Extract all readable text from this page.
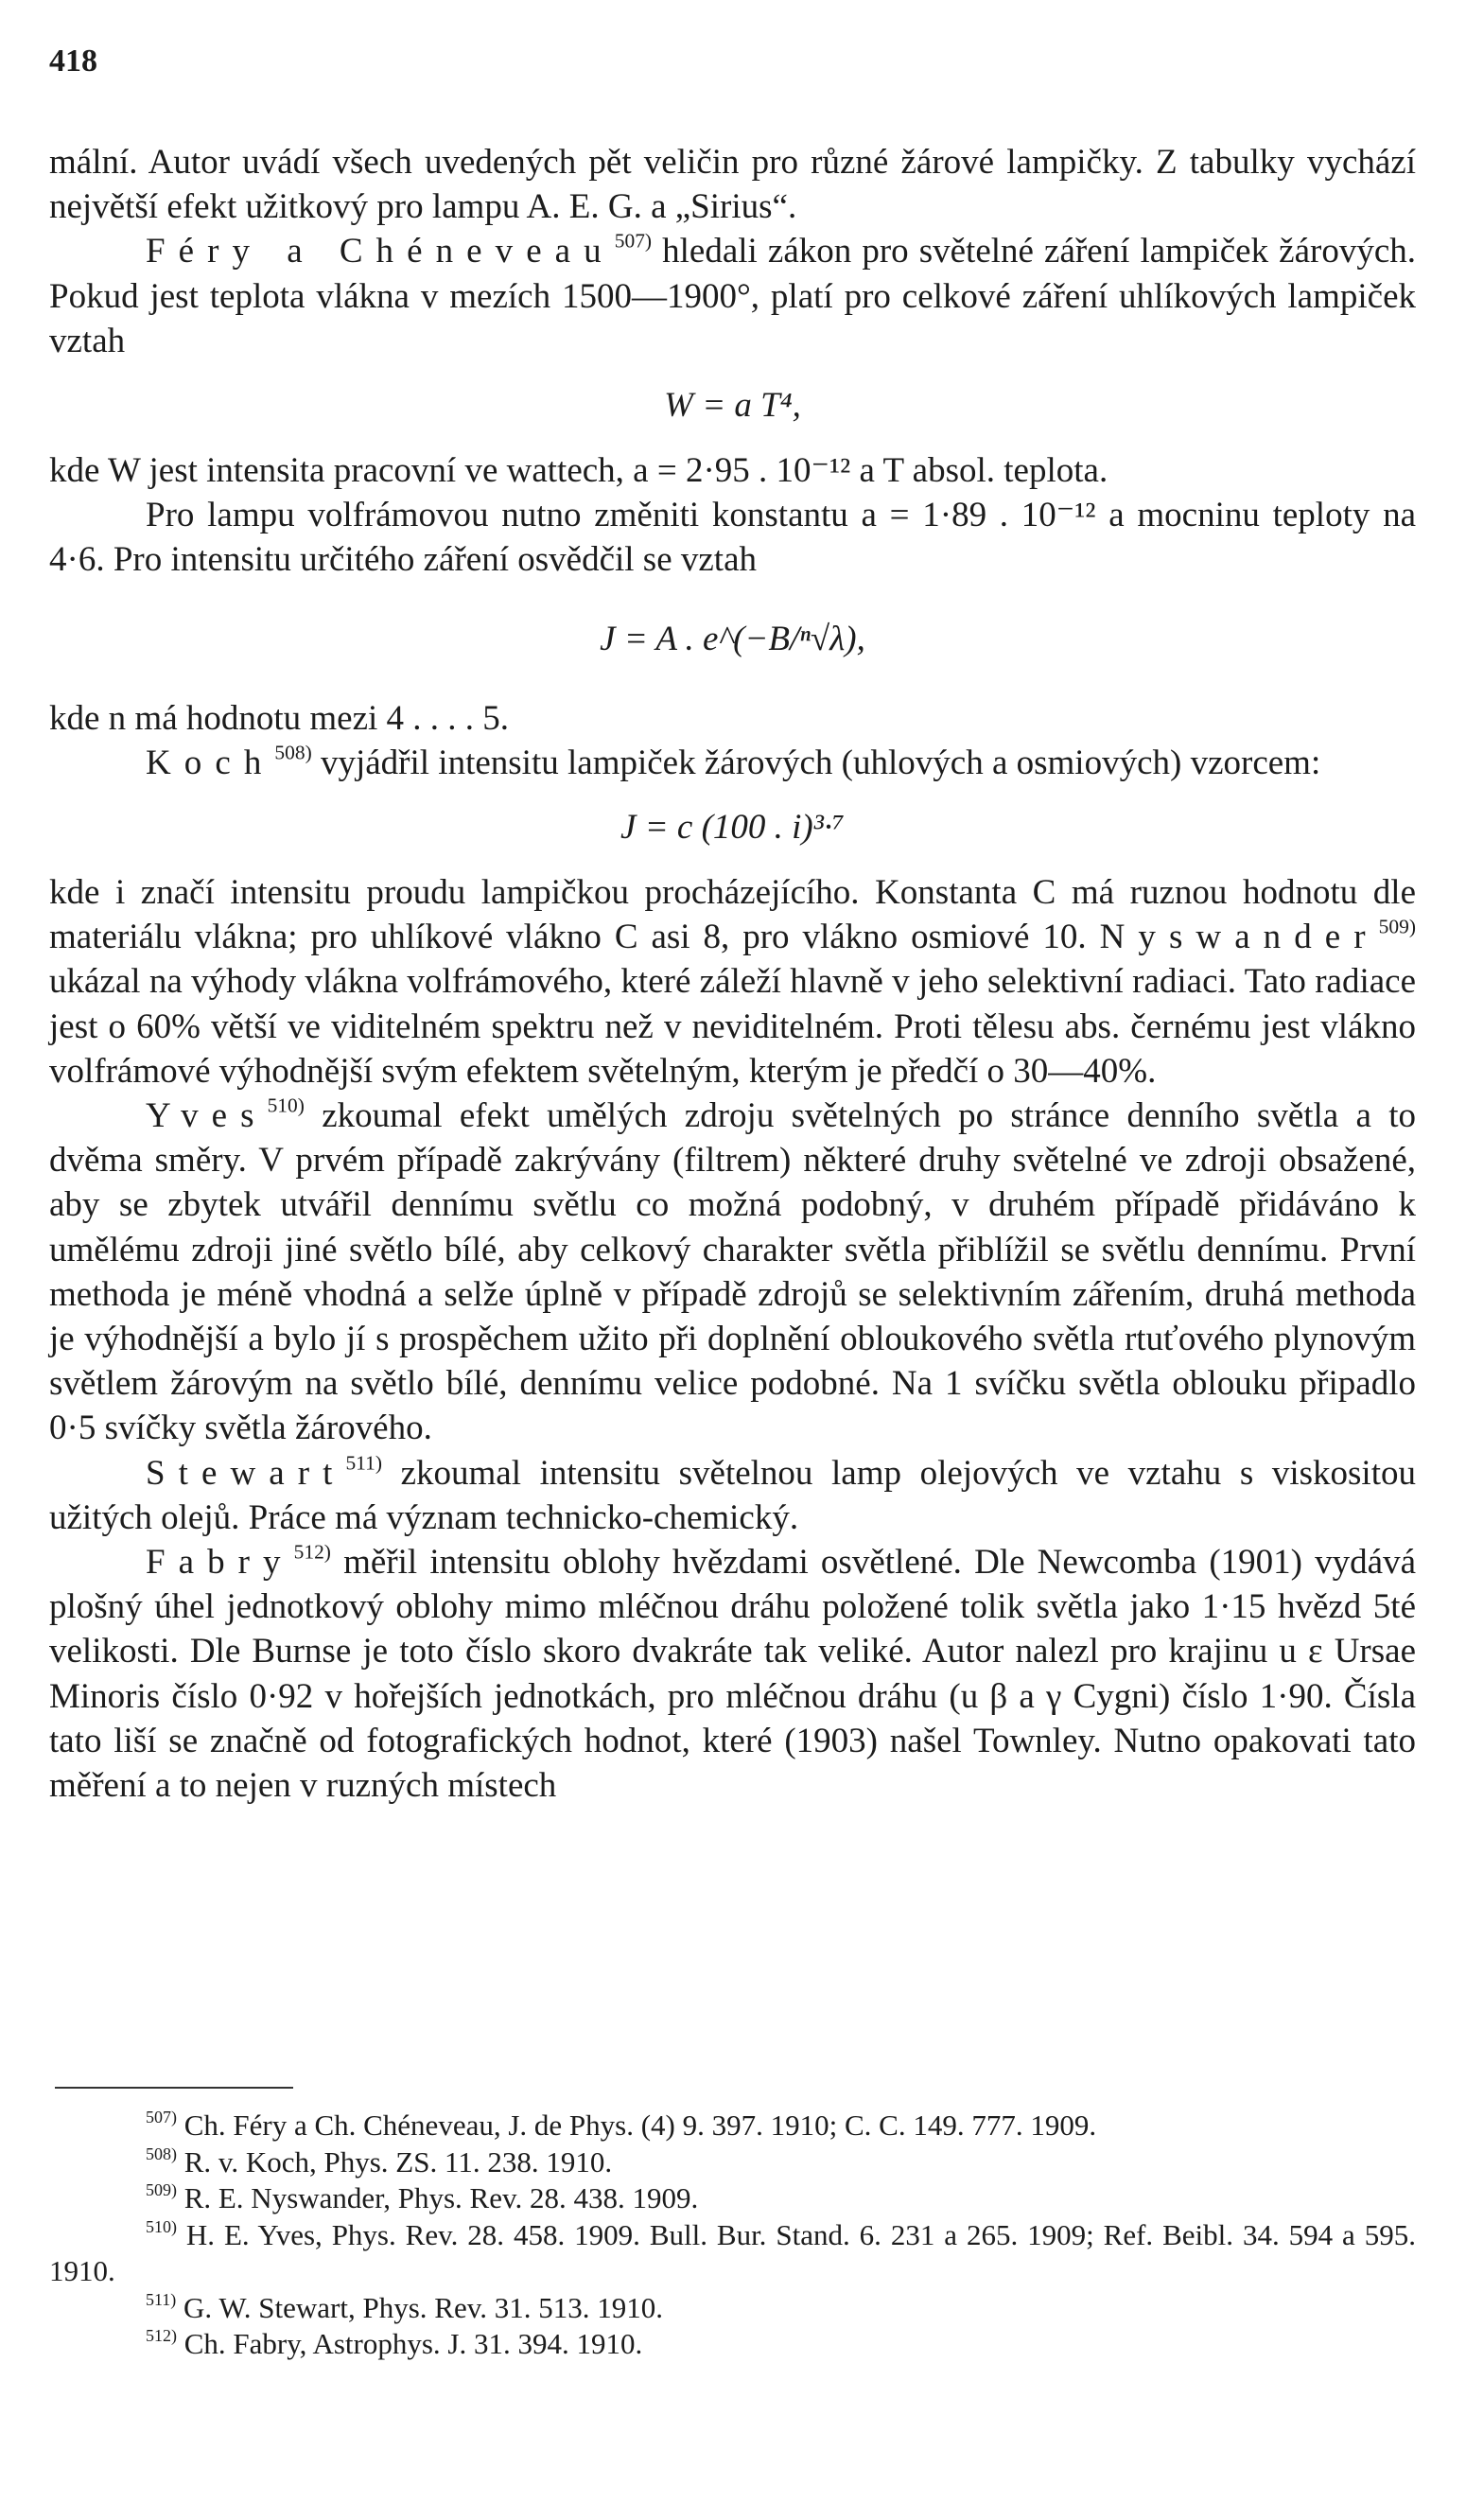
418

mální. Autor uvádí všech uvedených pět veličin pro různé žárové lampičky. Z tabulky vychází největší efekt užitkový pro lampu A. E. G. a „Sirius“.

Féry a Chéneveau$^{507)}$ hledali zákon pro světelné záření lampiček žárových. Pokud jest teplota vlákna v mezích 1500—1900°, platí pro celkové záření uhlíkových lampiček vztah

W = a T⁴,

kde W jest intensita pracovní ve wattech, a = 2·95 . 10⁻¹² a T absol. teplota.

Pro lampu volfrámovou nutno změniti konstantu a = 1·89 . 10⁻¹² a mocninu teploty na 4·6. Pro intensitu určitého záření osvědčil se vztah

J = A . e^(−B/ⁿ√λ),

kde n má hodnotu mezi 4 . . . . 5.

Koch$^{508)}$ vyjádřil intensitu lampiček žárových (uhlových a osmiových) vzorcem:

J = c (100 . i)³·⁷

kde i značí intensitu proudu lampičkou procházejícího. Konstanta C má ruznou hodnotu dle materiálu vlákna; pro uhlíkové vlákno C asi 8, pro vlákno osmiové 10. Nyswander$^{509)}$ ukázal na výhody vlákna volfrámového, které záleží hlavně v jeho selektivní radiaci. Tato radiace jest o 60% větší ve viditelném spektru než v neviditelném. Proti tělesu abs. černému jest vlákno volfrámové výhodnější svým efektem světelným, kterým je předčí o 30—40%.

Yves$^{510)}$ zkoumal efekt umělých zdroju světelných po stránce denního světla a to dvěma směry. V prvém případě zakrývány (filtrem) některé druhy světelné ve zdroji obsažené, aby se zbytek utvářil dennímu světlu co možná podobný, v druhém případě přidáváno k umělému zdroji jiné světlo bílé, aby celkový charakter světla přiblížil se světlu dennímu. První methoda je méně vhodná a selže úplně v případě zdrojů se selektivním zářením, druhá methoda je výhodnější a bylo jí s prospěchem užito při doplnění obloukového světla rtuťového plynovým světlem žárovým na světlo bílé, dennímu velice podobné. Na 1 svíčku světla oblouku připadlo 0·5 svíčky světla žárového.

Stewart$^{511)}$ zkoumal intensitu světelnou lamp olejových ve vztahu s viskositou užitých olejů. Práce má význam technicko-chemický.

Fabry$^{512)}$ měřil intensitu oblohy hvězdami osvětlené. Dle Newcomba (1901) vydává plošný úhel jednotkový oblohy mimo mléčnou dráhu položené tolik světla jako 1·15 hvězd 5té velikosti. Dle Burnse je toto číslo skoro dvakráte tak veliké. Autor nalezl pro krajinu u ε Ursae Minoris číslo 0·92 v hořejších jednotkách, pro mléčnou dráhu (u β a γ Cygni) číslo 1·90. Čísla tato liší se značně od fotografických hodnot, které (1903) našel Townley. Nutno opakovati tato měření a to nejen v ruzných místech

$^{507)}$ Ch. Féry a Ch. Chéneveau, J. de Phys. (4) 9. 397. 1910; C. C. 149. 777. 1909.

$^{508)}$ R. v. Koch, Phys. ZS. 11. 238. 1910.

$^{509)}$ R. E. Nyswander, Phys. Rev. 28. 438. 1909.

$^{510)}$ H. E. Yves, Phys. Rev. 28. 458. 1909. Bull. Bur. Stand. 6. 231 a 265. 1909; Ref. Beibl. 34. 594 a 595. 1910.

$^{511)}$ G. W. Stewart, Phys. Rev. 31. 513. 1910.

$^{512)}$ Ch. Fabry, Astrophys. J. 31. 394. 1910.
